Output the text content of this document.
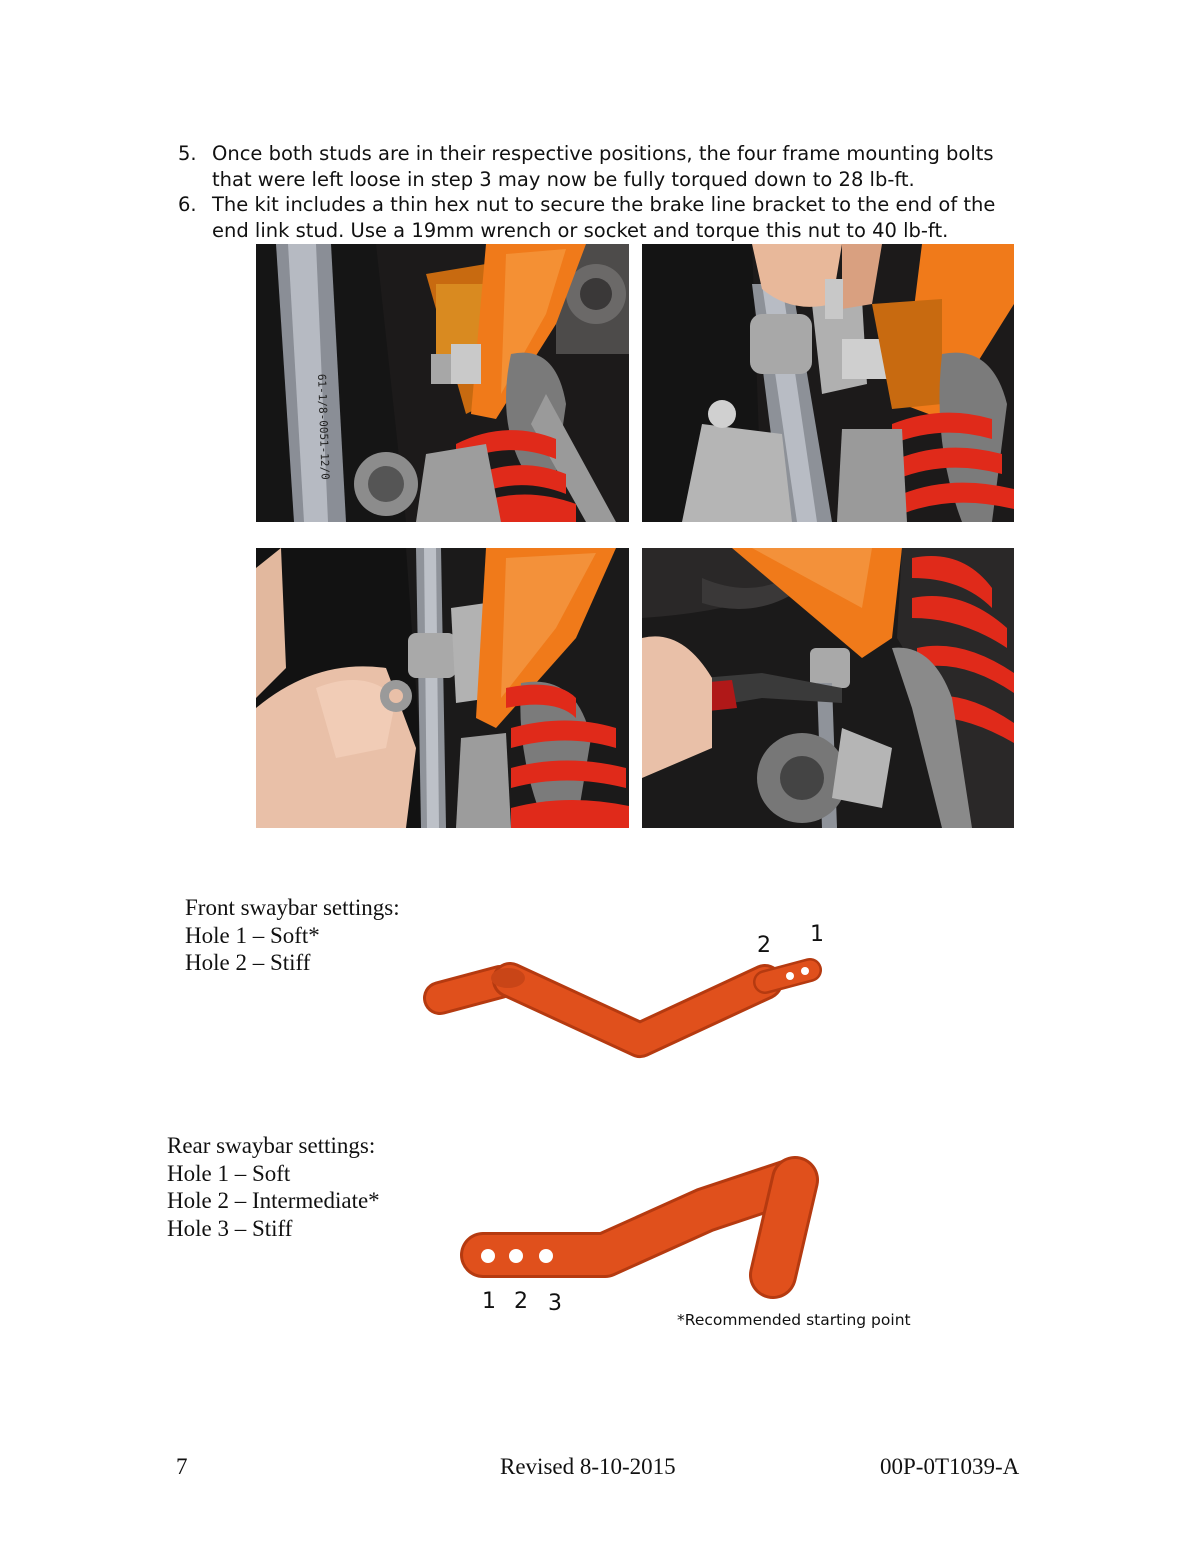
5. Once both studs are in their respective positions, the four frame mounting bolts that were left loose in step 3 may now be fully torqued down to 28 lb-ft.
6. The kit includes a thin hex nut to secure the brake line bracket to the end of the end link stud. Use a 19mm wrench or socket and torque this nut to 40 lb-ft.
61-1/8-0051-12/0
Front swaybar settings:
Hole 1 – Soft*
Hole 2 – Stiff
2 1
Rear swaybar settings:
Hole 1 – Soft
Hole 2 – Intermediate*
Hole 3 – Stiff
1 2 3
*Recommended starting point
7	Revised 8-10-2015	00P-0T1039-A
